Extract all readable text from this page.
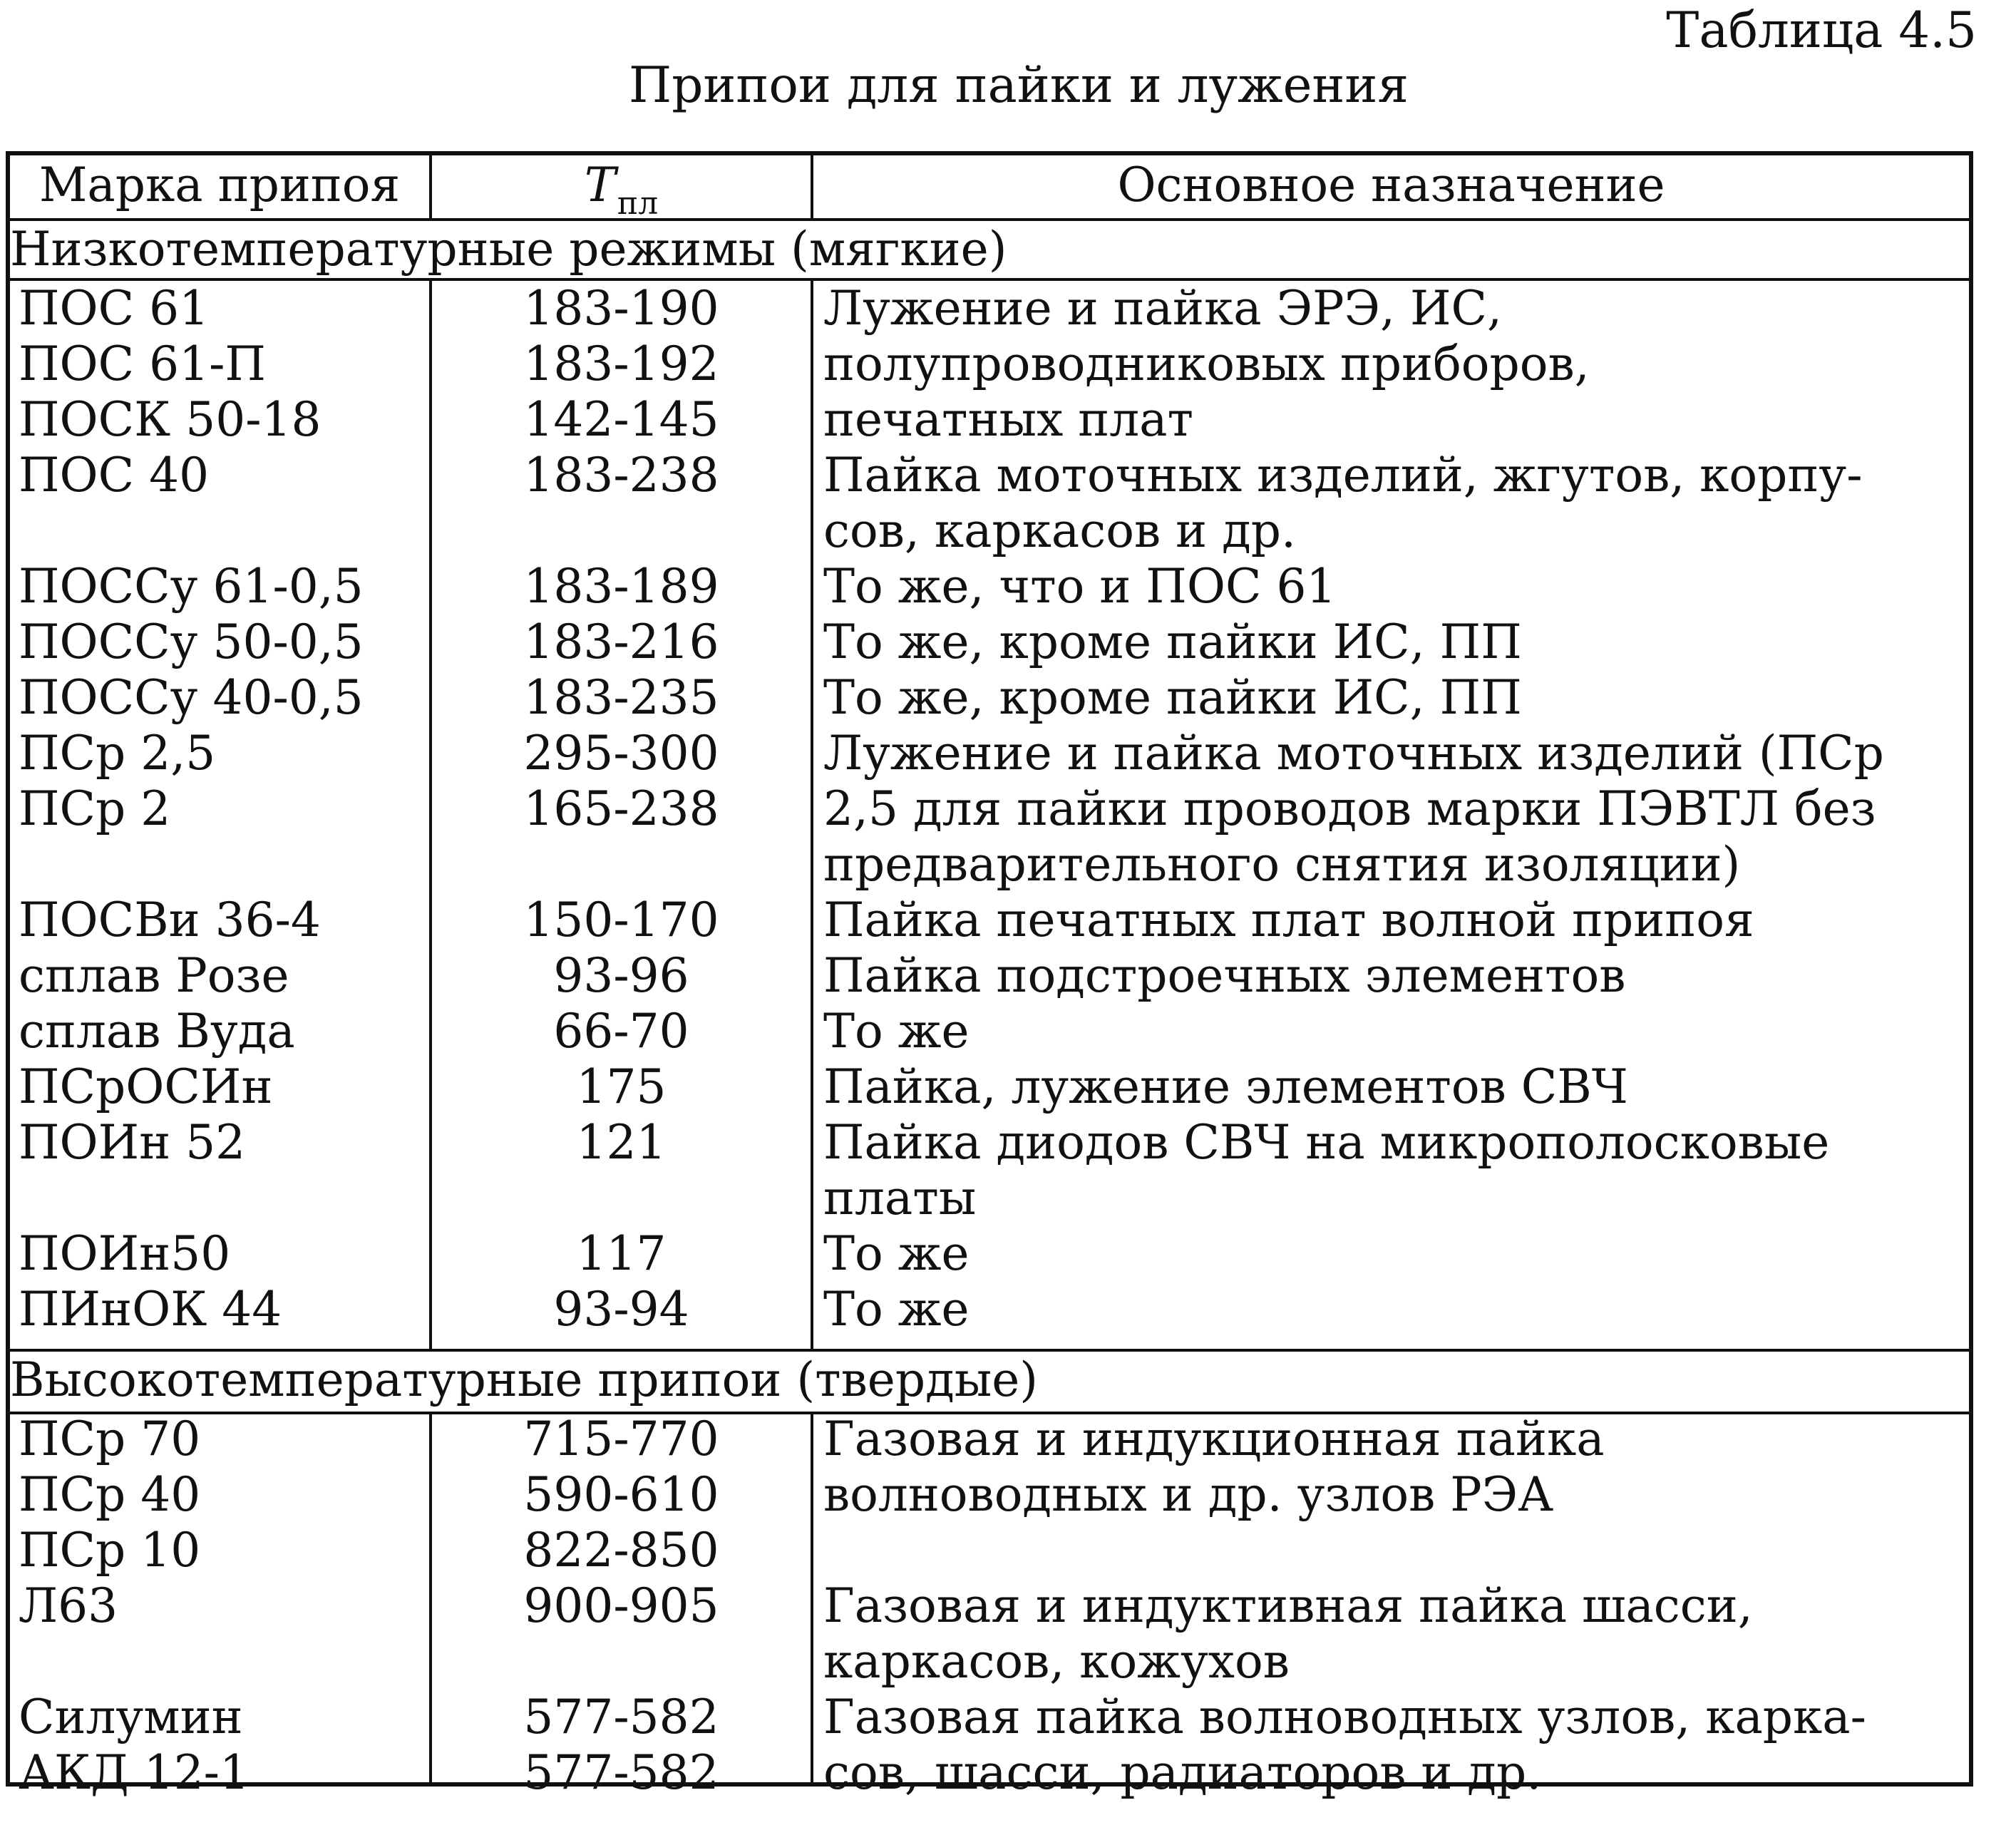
Таблица 4.5
Припои для пайки и лужения
Марка припоя	$T_{пл}$	Основное назначение
Низкотемпературные режимы (мягкие)
ПОС 61
ПОС 61-П
ПОСК 50-18
ПОС 40
ПОССу 61-0,5
ПОССу 50-0,5
ПОССу 40-0,5
ПСр 2,5
ПСр 2
ПОСВи 36-4
сплав Розе
сплав Вуда
ПСрОСИн
ПОИн 52
ПОИн50
ПИнОК 44
183-190
183-192
142-145
183-238
183-189
183-216
183-235
295-300
165-238
150-170
93-96
66-70
175
121
117
93-94
Лужение и пайка ЭРЭ, ИС,
полупроводниковых приборов,
печатных плат
Пайка моточных изделий, жгутов, корпу-
сов, каркасов и др.
То же, что и ПОС 61
То же, кроме пайки ИС, ПП
То же, кроме пайки ИС, ПП
Лужение и пайка моточных изделий (ПСр
2,5 для пайки проводов марки ПЭВТЛ без
предварительного снятия изоляции)
Пайка печатных плат волной припоя
Пайка подстроечных элементов
То же
Пайка, лужение элементов СВЧ
Пайка диодов СВЧ на микрополосковые
платы
То же
То же
Высокотемпературные припои (твердые)
ПСр 70
ПСр 40
ПСр 10
Л63
Силумин
АКД 12-1
715-770
590-610
822-850
900-905
577-582
577-582
Газовая и индукционная пайка
волноводных и др. узлов РЭА
Газовая и индуктивная пайка шасси,
каркасов, кожухов
Газовая пайка волноводных узлов, карка-
сов, шасси, радиаторов и др.
